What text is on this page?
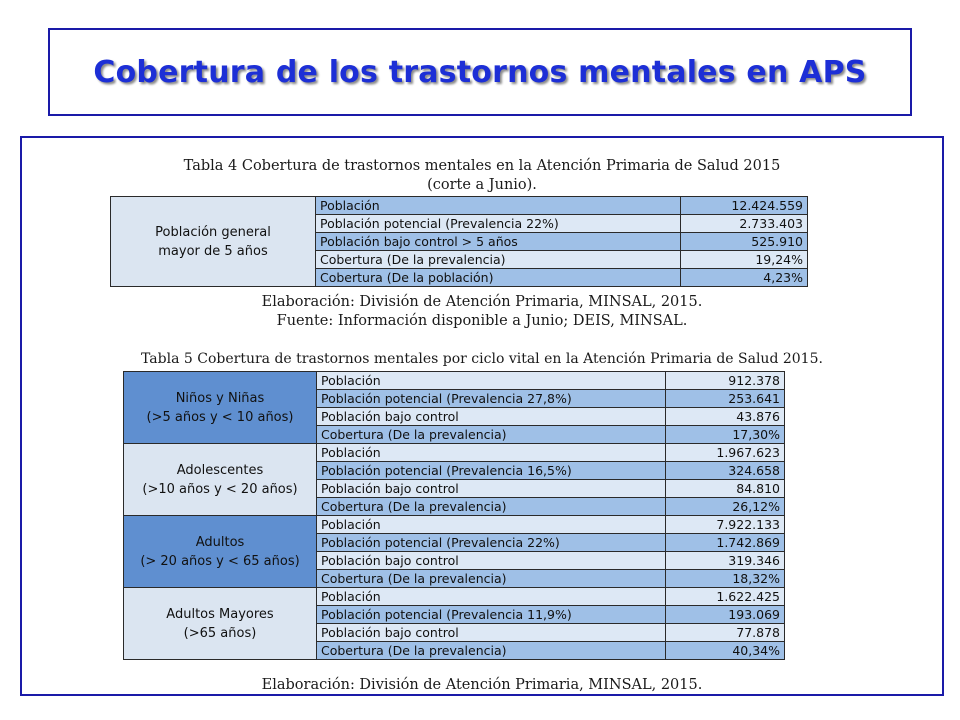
Cobertura de los trastornos mentales en APS
Tabla 4 Cobertura de trastornos mentales en la Atención Primaria de Salud 2015
(corte a Junio).
Población general
mayor de 5 años	Población	12.424.559
	Población potencial (Prevalencia 22%)	2.733.403
	Población bajo control > 5 años	525.910
	Cobertura (De la prevalencia)	19,24%
	Cobertura (De la población)	4,23%
Elaboración: División de Atención Primaria, MINSAL, 2015.
Fuente: Información disponible a Junio; DEIS, MINSAL.
Tabla 5 Cobertura de trastornos mentales por ciclo vital en la Atención Primaria de Salud 2015.
Niños y Niñas
(>5 años y < 10 años)	Población	912.378
	Población potencial (Prevalencia 27,8%)	253.641
	Población bajo control	43.876
	Cobertura (De la prevalencia)	17,30%
Adolescentes
(>10 años y < 20 años)	Población	1.967.623
	Población potencial (Prevalencia 16,5%)	324.658
	Población bajo control	84.810
	Cobertura (De la prevalencia)	26,12%
Adultos
(> 20 años y < 65 años)	Población	7.922.133
	Población potencial (Prevalencia 22%)	1.742.869
	Población bajo control	319.346
	Cobertura (De la prevalencia)	18,32%
Adultos Mayores
(>65 años)	Población	1.622.425
	Población potencial (Prevalencia 11,9%)	193.069
	Población bajo control	77.878
	Cobertura (De la prevalencia)	40,34%
Elaboración: División de Atención Primaria, MINSAL, 2015.
